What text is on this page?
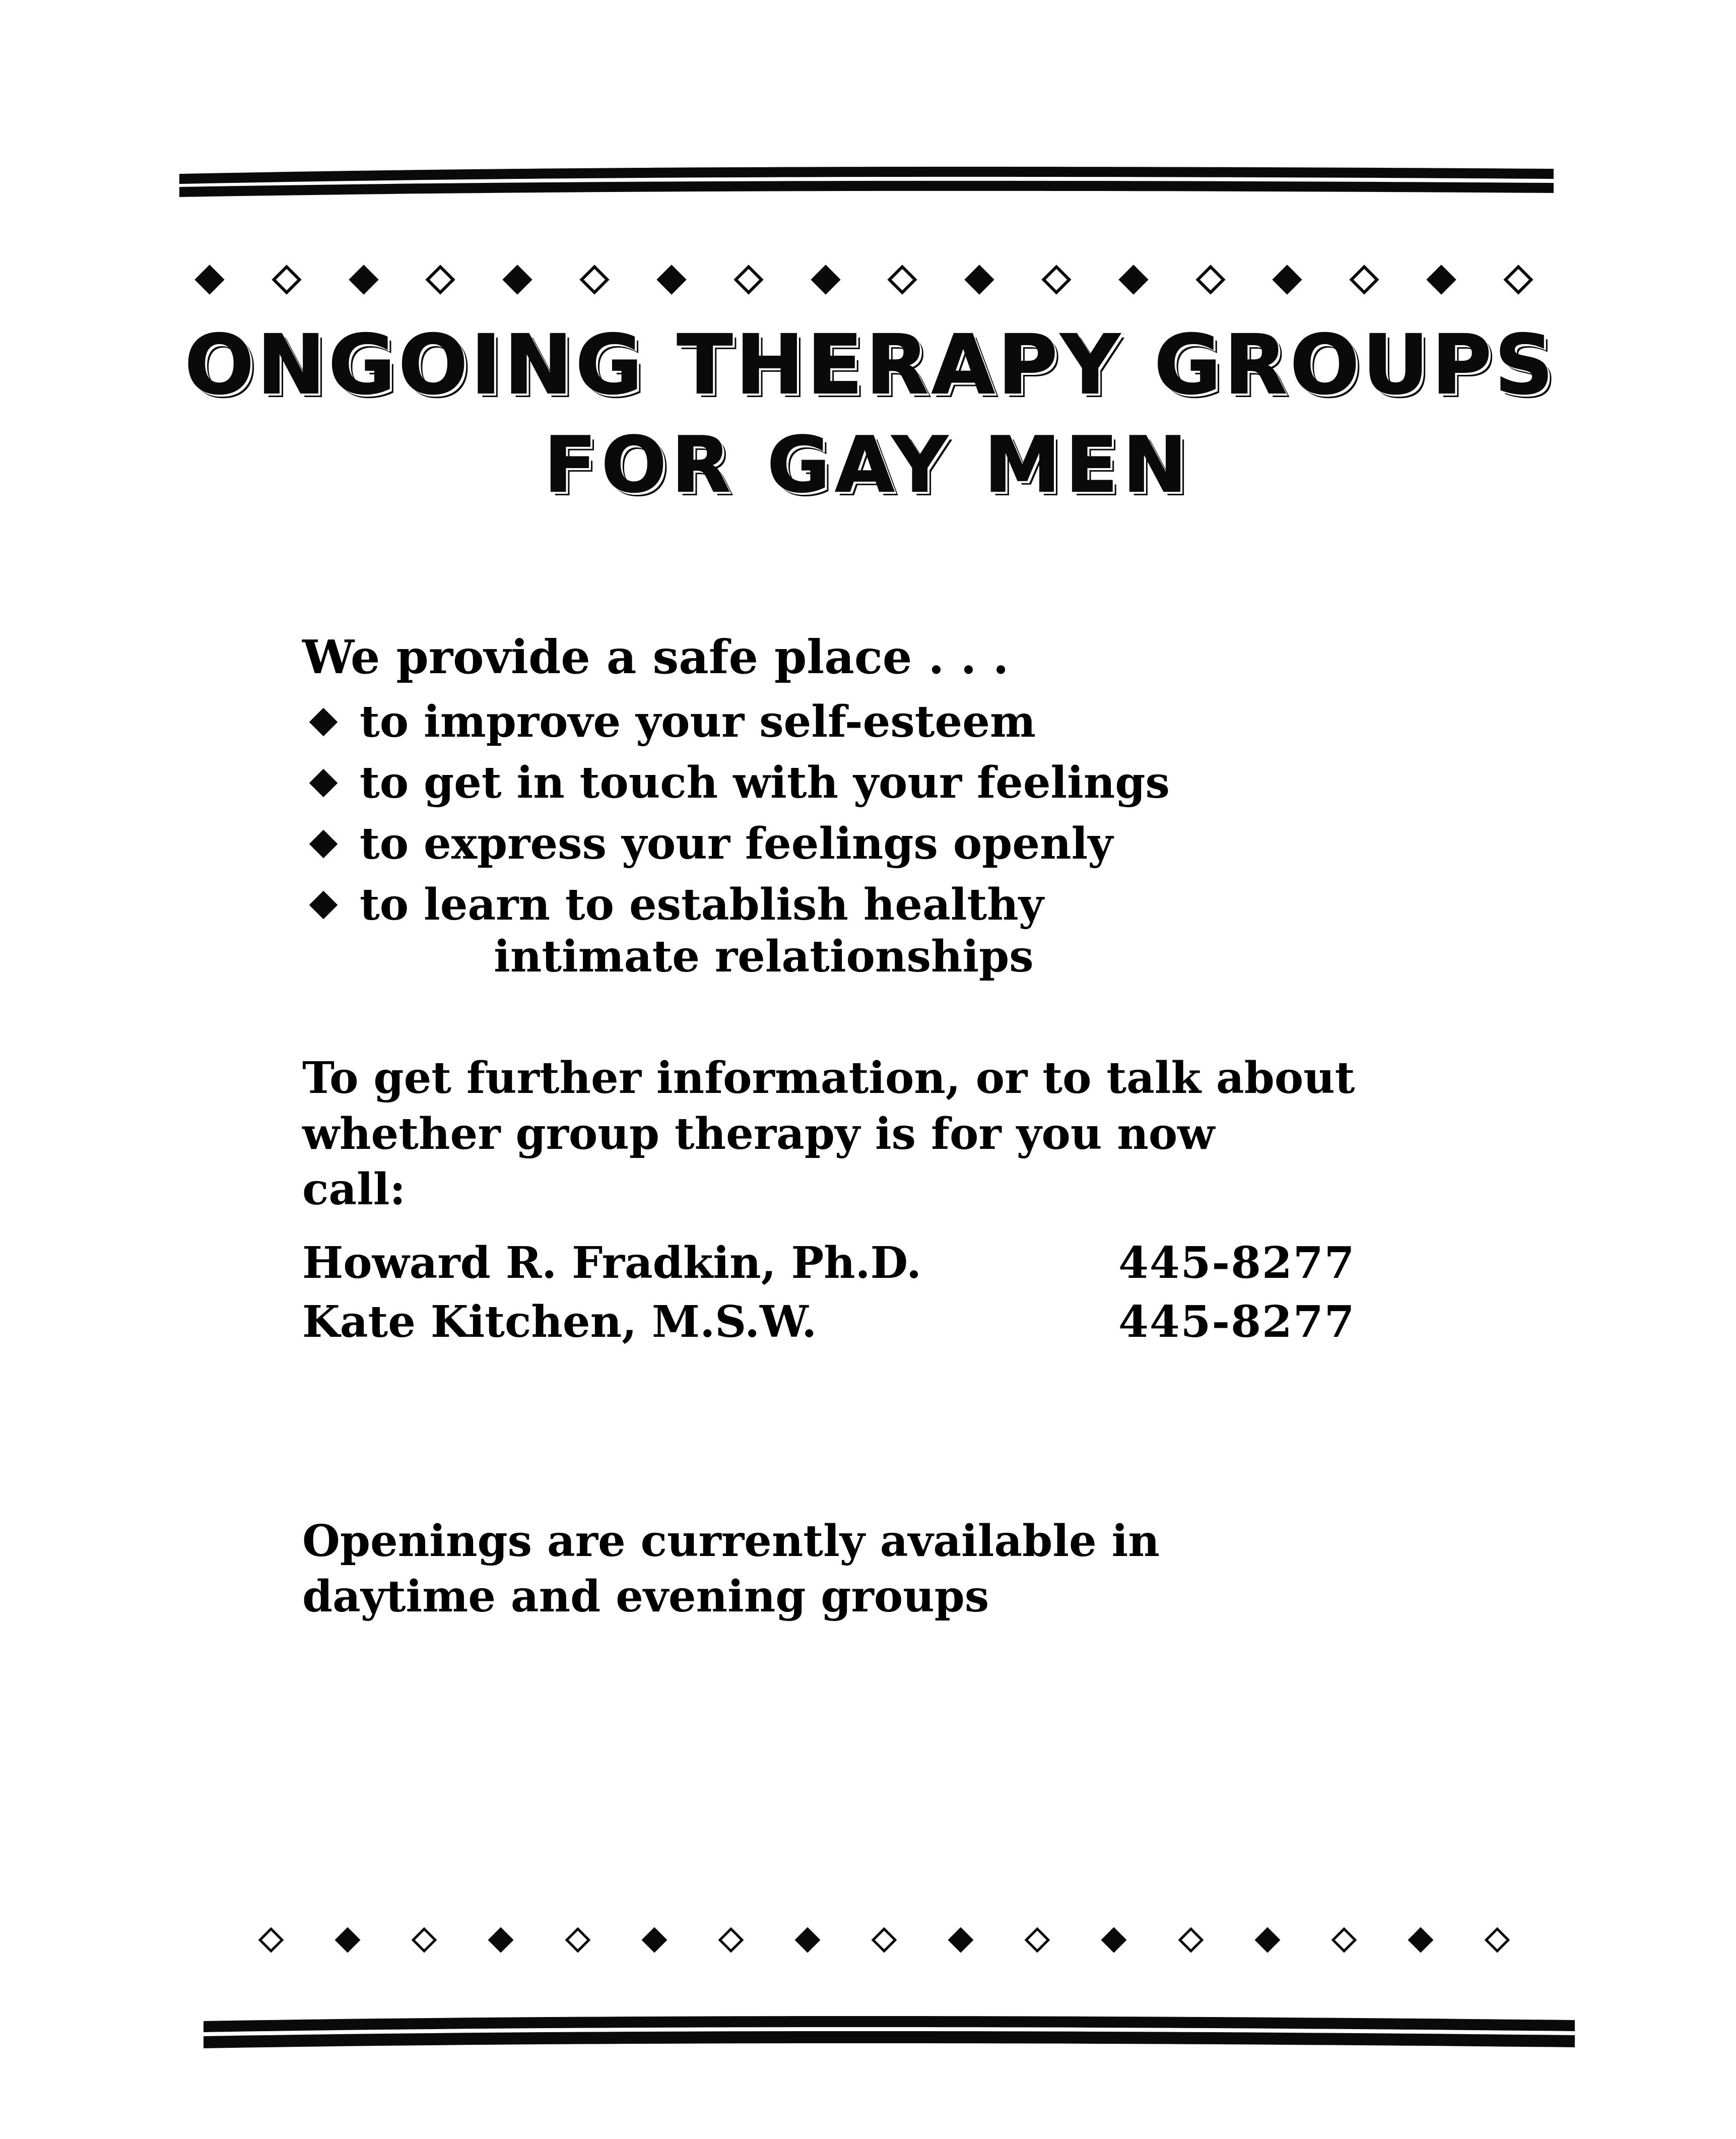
ONGOING THERAPY GROUPS
FOR GAY MEN

We provide a safe place . . .

to improve your self-esteem
to get in touch with your feelings
to express your feelings openly
to learn to establish healthy
intimate relationships

To get further information, or to talk about

whether group therapy is for you now

call:

Howard R. Fradkin, Ph.D.	445-8277
Kate Kitchen, M.S.W.	445-8277

Openings are currently available in

daytime and evening groups
